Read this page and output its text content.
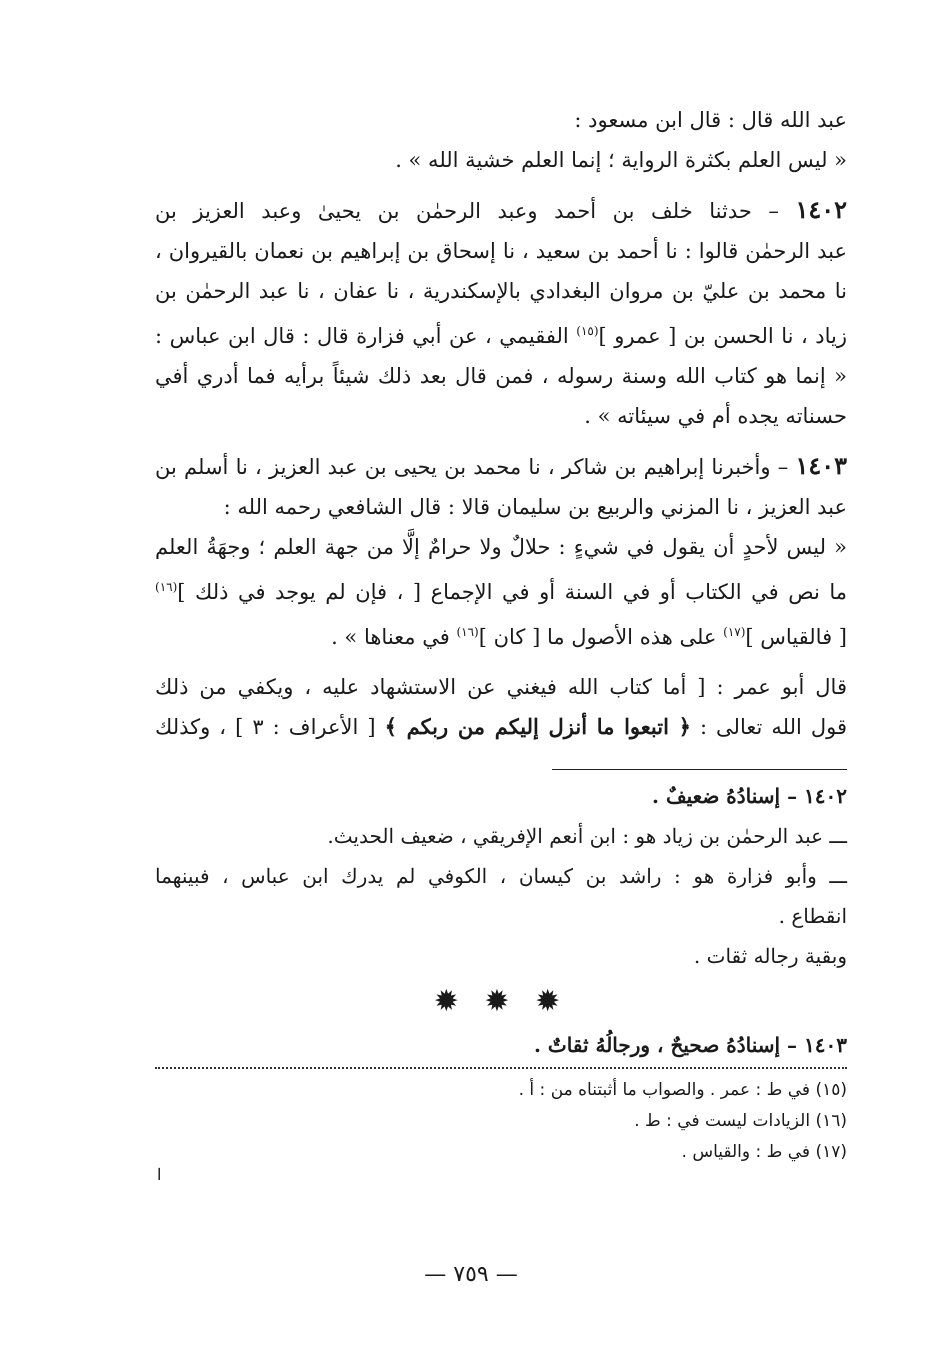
عبد الله قال : قال ابن مسعود :
« ليس العلم بكثرة الرواية ؛ إنما العلم خشية الله » .
١٤٠٢ – حدثنا خلف بن أحمد وعبد الرحمٰن بن يحيىٰ وعبد العزيز بن
عبد الرحمٰن قالوا : نا أحمد بن سعيد ، نا إسحاق بن إبراهيم بن نعمان بالقيروان ،
نا محمد بن عليّ بن مروان البغدادي بالإسكندرية ، نا عفان ، نا عبد الرحمٰن بن
زياد ، نا الحسن بن [ عمرو ]$^{(١٥)}$ الفقيمي ، عن أبي فزارة قال : قال ابن عباس :
« إنما هو كتاب الله وسنة رسوله ، فمن قال بعد ذلك شيئاً برأيه فما أدري أفي
حسناته يجده أم في سيئاته » .
١٤٠٣ – وأخبرنا إبراهيم بن شاكر ، نا محمد بن يحيى بن عبد العزيز ، نا أسلم بن
عبد العزيز ، نا المزني والربيع بن سليمان قالا : قال الشافعي رحمه الله :
« ليس لأحدٍ أن يقول في شيءٍ : حلالٌ ولا حرامٌ إلَّا من جهة العلم ؛ وجهَةُ العلم
ما نص في الكتاب أو في السنة أو في الإجماع [ ، فإن لم يوجد في ذلك ]$^{(١٦)}$
[ فالقياس ]$^{(١٧)}$ على هذه الأصول ما [ كان ]$^{(١٦)}$ في معناها » .
قال أبو عمر : [ أما كتاب الله فيغني عن الاستشهاد عليه ، ويكفي من ذلك
قول الله تعالى : ﴿ اتبعوا ما أنزل إليكم من ربكم ﴾ [ الأعراف : ٣ ] ، وكذلك
١٤٠٢ – إسنادُهُ ضعيفٌ .
ـــ عبد الرحمٰن بن زياد هو : ابن أنعم الإفريقي ، ضعيف الحديث.
ـــ وأبو فزارة هو : راشد بن كيسان ، الكوفي لم يدرك ابن عباس ، فبينهما
انقطاع .
وبقية رجاله ثقات .
✹ ✹ ✹
١٤٠٣ – إسنادُهُ صحيحٌ ، ورجالُهُ ثقاتٌ .
(١٥) في ط : عمر . والصواب ما أثبتناه من : أ .
(١٦) الزيادات ليست في : ط .
(١٧) في ط : والقياس .
ا
— ٧٥٩ —
